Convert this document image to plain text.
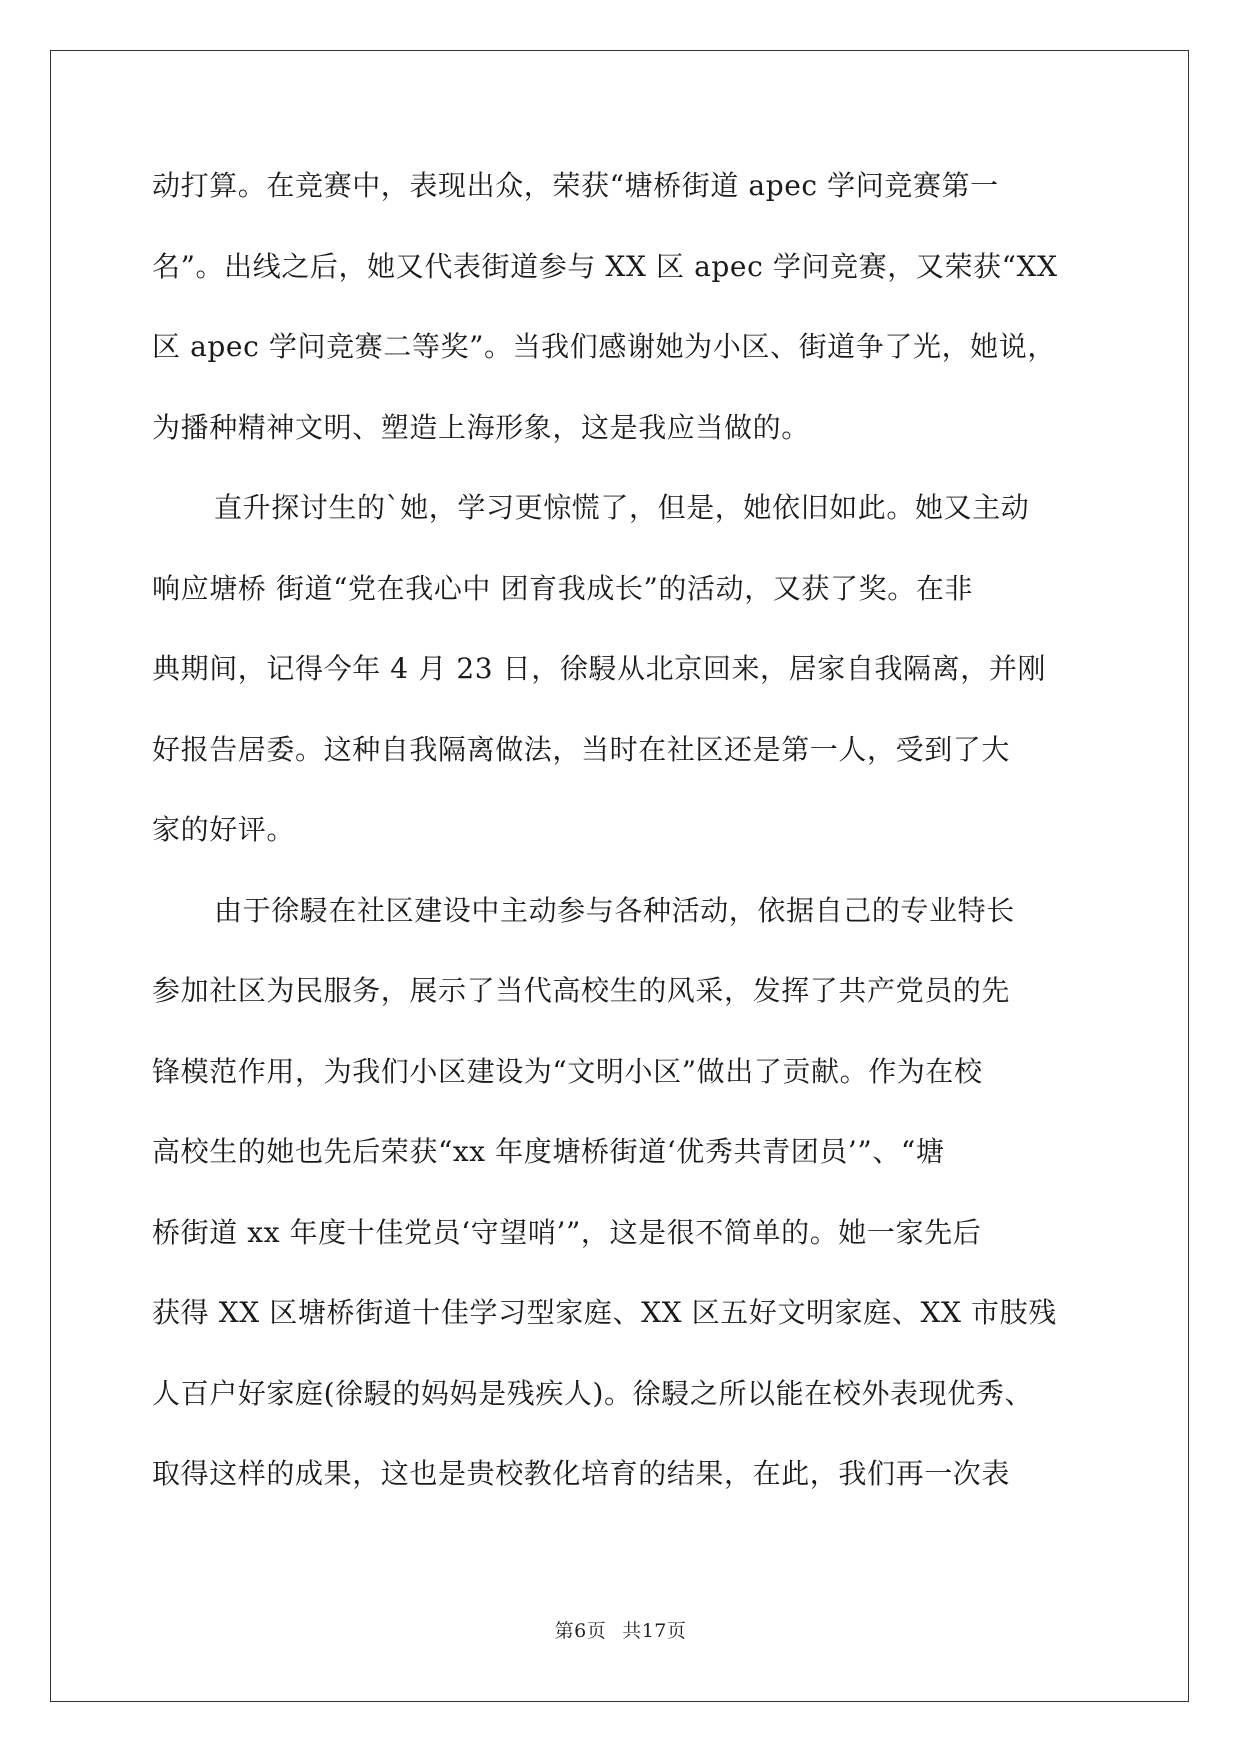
动打算。在竞赛中，表现出众，荣获“塘桥街道 apec 学问竞赛第一
名”。出线之后，她又代表街道参与 XX 区 apec 学问竞赛，又荣获“XX
区 apec 学问竞赛二等奖”。当我们感谢她为小区、街道争了光，她说，
为播种精神文明、塑造上海形象，这是我应当做的。
直升探讨生的`她，学习更惊慌了，但是，她依旧如此。她又主动
响应塘桥 街道“党在我心中 团育我成长”的活动，又获了奖。在非
典期间，记得今年 4 月 23 日，徐駸从北京回来，居家自我隔离，并刚
好报告居委。这种自我隔离做法，当时在社区还是第一人，受到了大
家的好评。
由于徐駸在社区建设中主动参与各种活动，依据自己的专业特长
参加社区为民服务，展示了当代高校生的风采，发挥了共产党员的先
锋模范作用，为我们小区建设为“文明小区”做出了贡献。作为在校
高校生的她也先后荣获“xx 年度塘桥街道‘优秀共青团员’”、“塘
桥街道 xx 年度十佳党员‘守望哨’”，这是很不简单的。她一家先后
获得 XX 区塘桥街道十佳学习型家庭、XX 区五好文明家庭、XX 市肢残
人百户好家庭(徐駸的妈妈是残疾人)。徐駸之所以能在校外表现优秀、
取得这样的成果，这也是贵校教化培育的结果，在此，我们再一次表
第6页 共17页
